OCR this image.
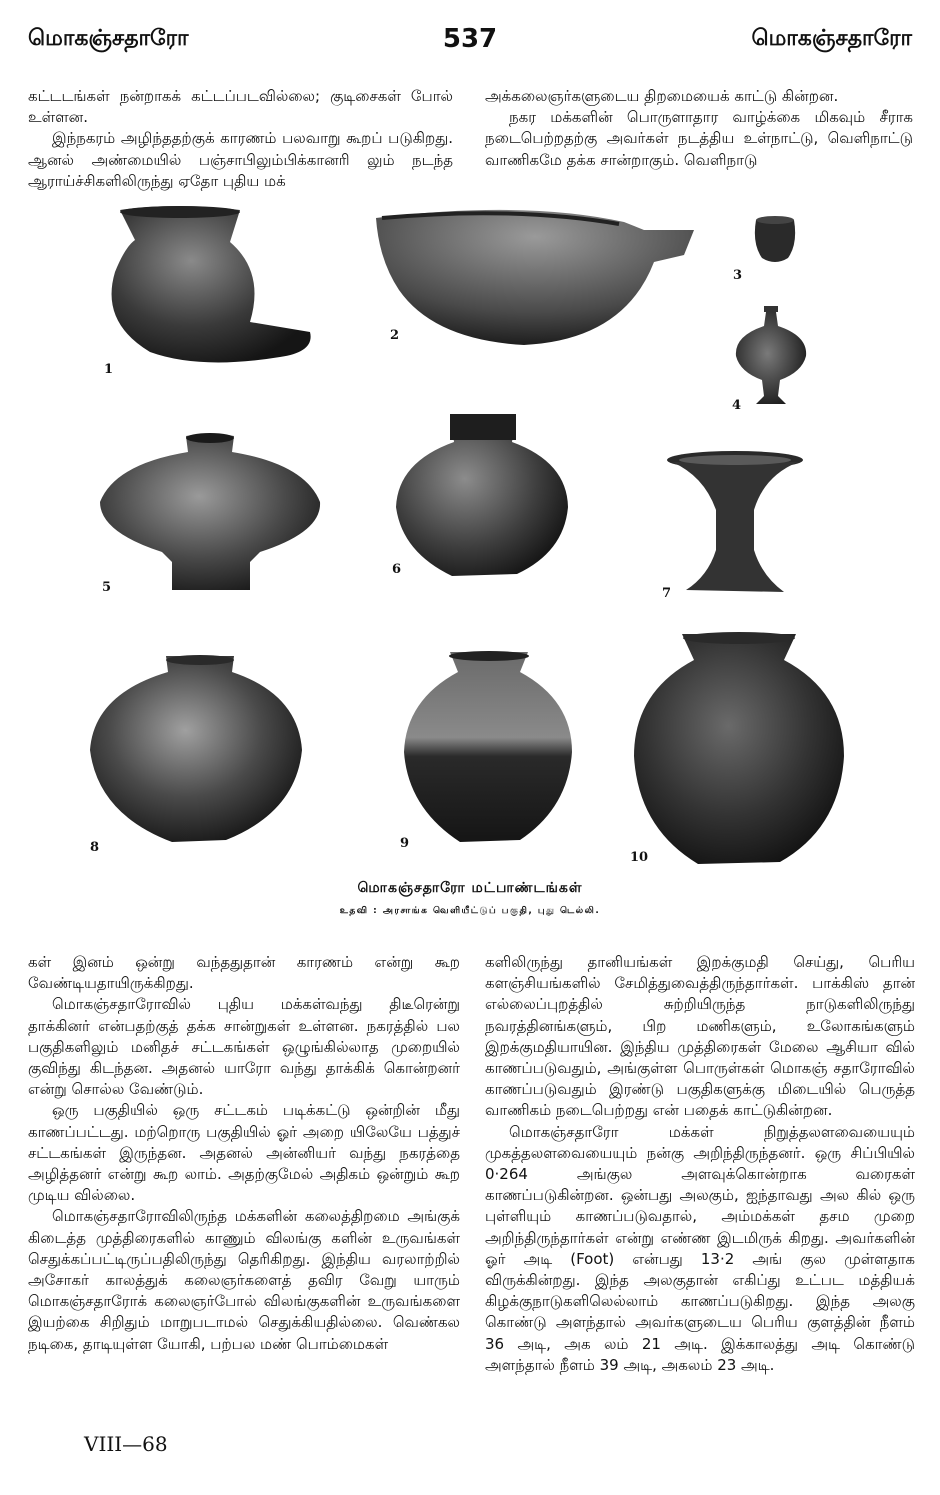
மொகஞ்சதாரோ	537	மொகஞ்சதாரோ

கட்டடங்கள் நன்றாகக் கட்டப்படவில்லை; குடிசைகள் போல் உள்ளன.

இந்நகரம் அழிந்ததற்குக் காரணம் பலவாறு கூறப் படுகிறது. ஆனல் அண்மையில் பஞ்சாபிலும்பிக்கானரி லும் நடந்த ஆராய்ச்சிகளிலிருந்து ஏதோ புதிய மக்

அக்கலைஞர்களுடைய திறமையைக் காட்டு கின்றன.

நகர மக்களின் பொருளாதார வாழ்க்கை மிகவும் சீராக நடைபெற்றதற்கு அவர்கள் நடத்திய உள்நாட்டு, வெளிநாட்டு வாணிகமே தக்க சான்றாகும். வெளிநாடு

1
2
3
4
5
6
7
8	9
10
மொகஞ்சதாரோ மட்பாண்டங்கள்
உதவி : அரசாங்க வெளியீட்டுப் பகுதி, புது டெல்லி.

கள் இனம் ஒன்று வந்ததுதான் காரணம் என்று கூற வேண்டியதாயிருக்கிறது.

மொகஞ்சதாரோவில் புதிய மக்கள்வந்து திடீரென்று தாக்கினர் என்பதற்குத் தக்க சான்றுகள் உள்ளன. நகரத்தில் பல பகுதிகளிலும் மனிதச் சட்டகங்கள் ஒழுங்கில்லாத முறையில் குவிந்து கிடந்தன. அதனல் யாரோ வந்து தாக்கிக் கொன்றனர் என்று சொல்ல வேண்டும்.

ஒரு பகுதியில் ஒரு சட்டகம் படிக்கட்டு ஒன்றின் மீது காணப்பட்டது. மற்றொரு பகுதியில் ஓர் அறை யிலேயே பத்துச் சட்டகங்கள் இருந்தன. அதனல் அன்னியர் வந்து நகரத்தை அழித்தனர் என்று கூற லாம். அதற்குமேல் அதிகம் ஒன்றும் கூற முடிய வில்லை.

மொகஞ்சதாரோவிலிருந்த மக்களின் கலைத்திறமை அங்குக் கிடைத்த முத்திரைகளில் காணும் விலங்கு களின் உருவங்கள் செதுக்கப்பட்டிருப்பதிலிருந்து தெரிகிறது. இந்திய வரலாற்றில் அசோகர் காலத்துக் கலைஞர்களைத் தவிர வேறு யாரும் மொகஞ்சதாரோக் கலைஞர்போல் விலங்குகளின் உருவங்களை இயற்கை சிறிதும் மாறுபடாமல் செதுக்கியதில்லை. வெண்கல நடிகை, தாடியுள்ள யோகி, பற்பல மண் பொம்மைகள்

களிலிருந்து தானியங்கள் இறக்குமதி செய்து, பெரிய களஞ்சியங்களில் சேமித்துவைத்திருந்தார்கள். பாக்கிஸ் தான் எல்லைப்புறத்தில் சுற்றியிருந்த நாடுகளிலிருந்து நவரத்தினங்களும், பிற மணிகளும், உலோகங்களும் இறக்குமதியாயின. இந்திய முத்திரைகள் மேலை ஆசியா வில் காணப்படுவதும், அங்குள்ள பொருள்கள் மொகஞ் சதாரோவில் காணப்படுவதும் இரண்டு பகுதிகளுக்கு மிடையில் பெருத்த வாணிகம் நடைபெற்றது என் பதைக் காட்டுகின்றன.

மொகஞ்சதாரோ மக்கள் நிறுத்தலளவையையும் முகத்தலளவையையும் நன்கு அறிந்திருந்தனர். ஒரு சிப்பியில் 0·264 அங்குல அளவுக்கொன்றாக வரைகள் காணப்படுகின்றன. ஒன்பது அலகும், ஐந்தாவது அல கில் ஒரு புள்ளியும் காணப்படுவதால், அம்மக்கள் தசம முறை அறிந்திருந்தார்கள் என்று எண்ண இடமிருக் கிறது. அவர்களின் ஓர் அடி (Foot) என்பது 13·2 அங் குல முள்ளதாக விருக்கின்றது. இந்த அலகுதான் எகிப்து உட்பட மத்தியக் கிழக்குநாடுகளிலெல்லாம் காணப்படுகிறது. இந்த அலகு கொண்டு அளந்தால் அவர்களுடைய பெரிய குளத்தின் நீளம் 36 அடி, அக லம் 21 அடி. இக்காலத்து அடி கொண்டு அளந்தால் நீளம் 39 அடி, அகலம் 23 அடி.

VIII—68
